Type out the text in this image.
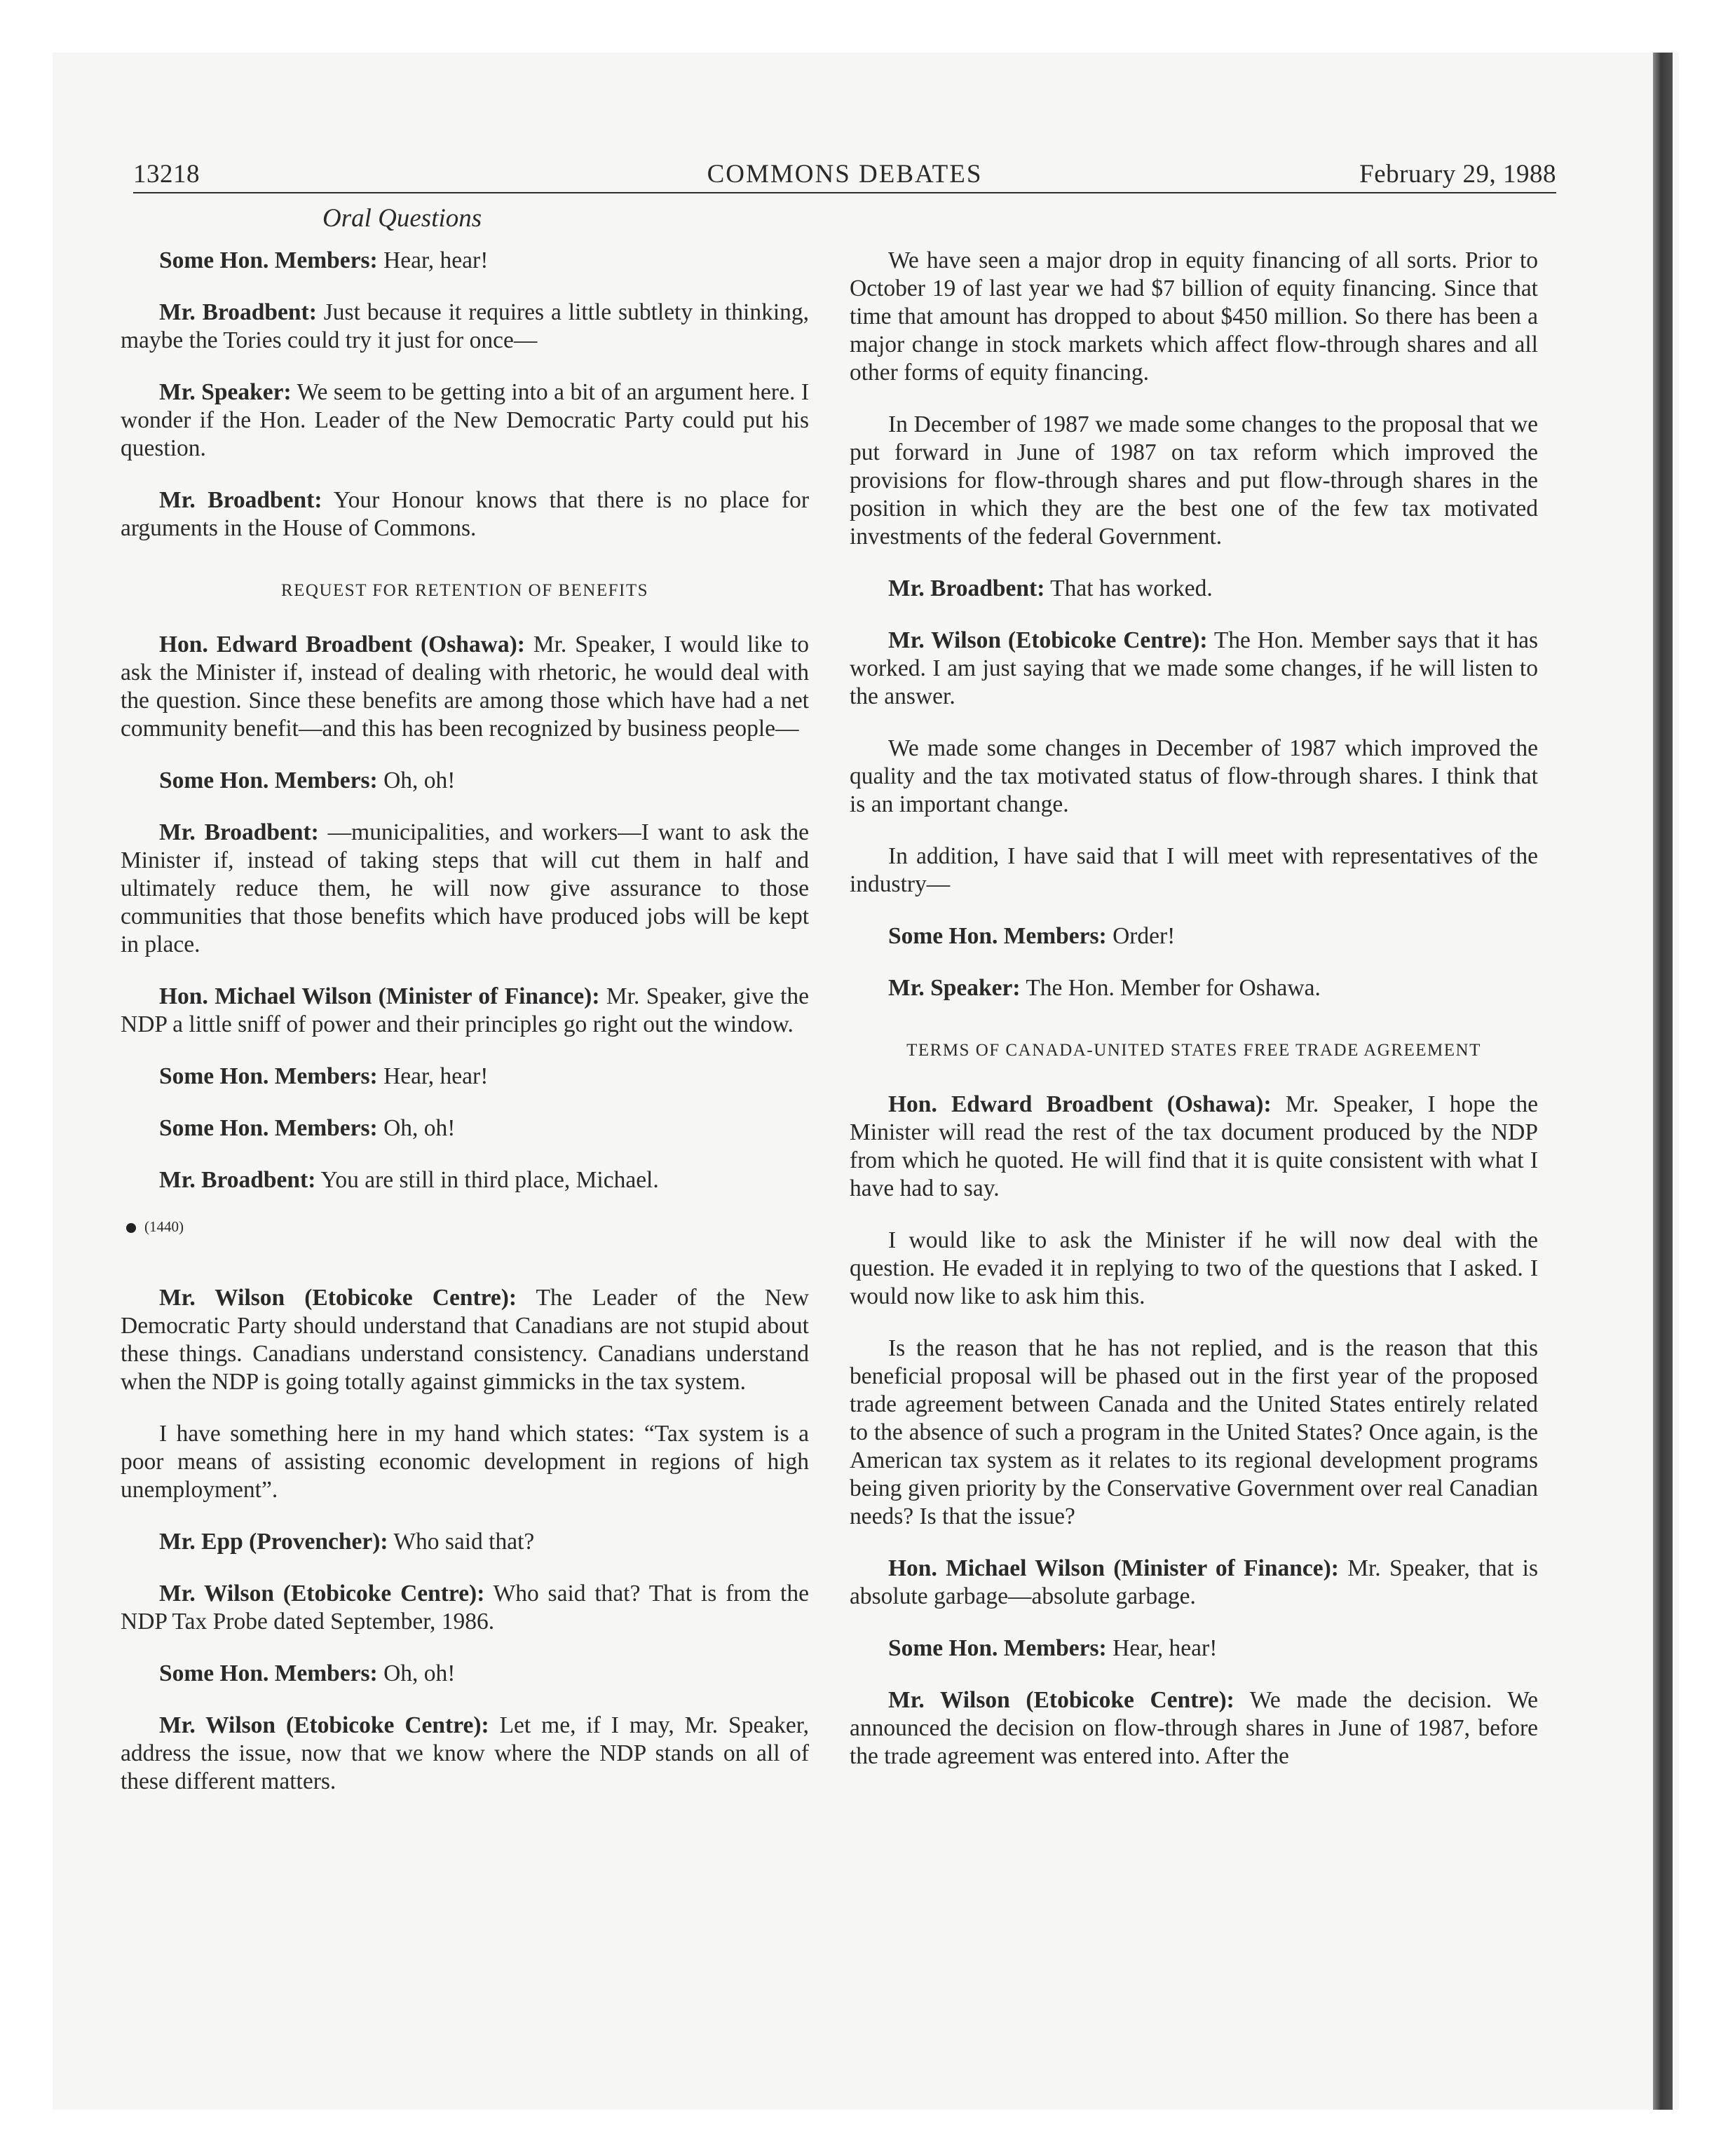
13218	COMMONS DEBATES	February 29, 1988
Oral Questions

Some Hon. Members: Hear, hear!

Mr. Broadbent: Just because it requires a little subtlety in thinking, maybe the Tories could try it just for once—

Mr. Speaker: We seem to be getting into a bit of an argument here. I wonder if the Hon. Leader of the New Democratic Party could put his question.

Mr. Broadbent: Your Honour knows that there is no place for arguments in the House of Commons.

REQUEST FOR RETENTION OF BENEFITS

Hon. Edward Broadbent (Oshawa): Mr. Speaker, I would like to ask the Minister if, instead of dealing with rhetoric, he would deal with the question. Since these benefits are among those which have had a net community benefit—and this has been recognized by business people—

Some Hon. Members: Oh, oh!

Mr. Broadbent: —municipalities, and workers—I want to ask the Minister if, instead of taking steps that will cut them in half and ultimately reduce them, he will now give assurance to those communities that those benefits which have produced jobs will be kept in place.

Hon. Michael Wilson (Minister of Finance): Mr. Speaker, give the NDP a little sniff of power and their principles go right out the window.

Some Hon. Members: Hear, hear!

Some Hon. Members: Oh, oh!

Mr. Broadbent: You are still in third place, Michael.

(1440)

Mr. Wilson (Etobicoke Centre): The Leader of the New Democratic Party should understand that Canadians are not stupid about these things. Canadians understand consistency. Canadians understand when the NDP is going totally against gimmicks in the tax system.

I have something here in my hand which states: “Tax system is a poor means of assisting economic development in regions of high unemployment”.

Mr. Epp (Provencher): Who said that?

Mr. Wilson (Etobicoke Centre): Who said that? That is from the NDP Tax Probe dated September, 1986.

Some Hon. Members: Oh, oh!

Mr. Wilson (Etobicoke Centre): Let me, if I may, Mr. Speaker, address the issue, now that we know where the NDP stands on all of these different matters.

We have seen a major drop in equity financing of all sorts. Prior to October 19 of last year we had $7 billion of equity financing. Since that time that amount has dropped to about $450 million. So there has been a major change in stock markets which affect flow-through shares and all other forms of equity financing.

In December of 1987 we made some changes to the proposal that we put forward in June of 1987 on tax reform which improved the provisions for flow-through shares and put flow-through shares in the position in which they are the best one of the few tax motivated investments of the federal Government.

Mr. Broadbent: That has worked.

Mr. Wilson (Etobicoke Centre): The Hon. Member says that it has worked. I am just saying that we made some changes, if he will listen to the answer.

We made some changes in December of 1987 which improved the quality and the tax motivated status of flow-through shares. I think that is an important change.

In addition, I have said that I will meet with representatives of the industry—

Some Hon. Members: Order!

Mr. Speaker: The Hon. Member for Oshawa.

TERMS OF CANADA-UNITED STATES FREE TRADE AGREEMENT

Hon. Edward Broadbent (Oshawa): Mr. Speaker, I hope the Minister will read the rest of the tax document produced by the NDP from which he quoted. He will find that it is quite consistent with what I have had to say.

I would like to ask the Minister if he will now deal with the question. He evaded it in replying to two of the questions that I asked. I would now like to ask him this.

Is the reason that he has not replied, and is the reason that this beneficial proposal will be phased out in the first year of the proposed trade agreement between Canada and the United States entirely related to the absence of such a program in the United States? Once again, is the American tax system as it relates to its regional development programs being given priority by the Conservative Government over real Canadian needs? Is that the issue?

Hon. Michael Wilson (Minister of Finance): Mr. Speaker, that is absolute garbage—absolute garbage.

Some Hon. Members: Hear, hear!

Mr. Wilson (Etobicoke Centre): We made the decision. We announced the decision on flow-through shares in June of 1987, before the trade agreement was entered into. After the
